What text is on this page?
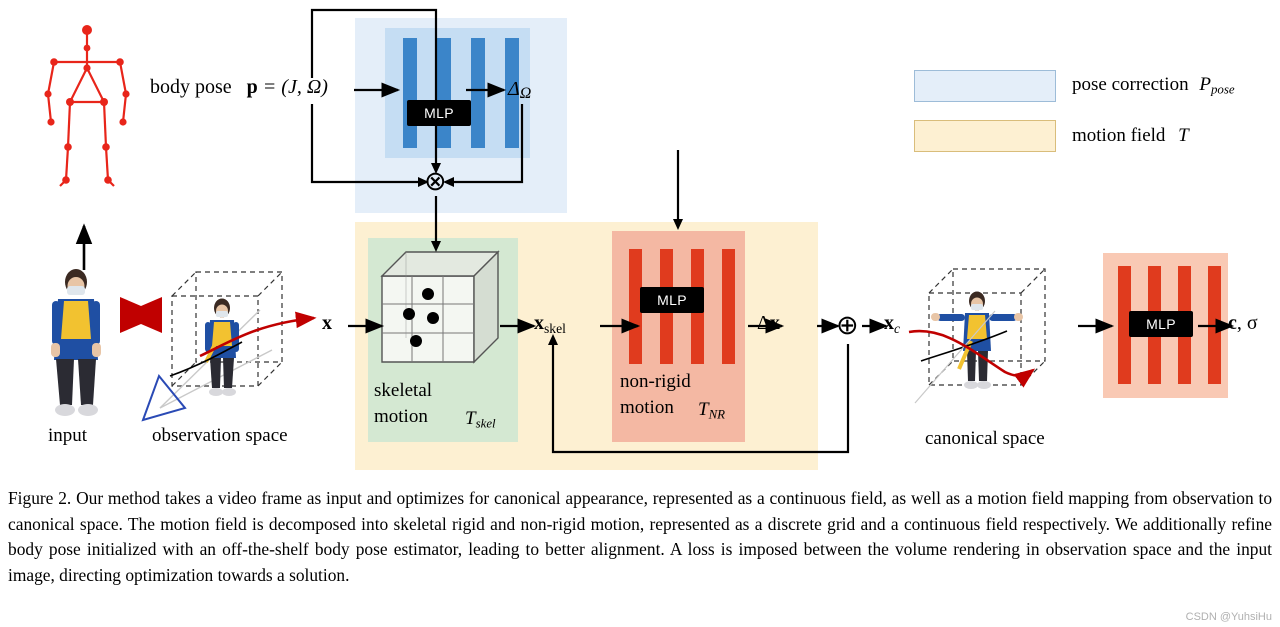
MLP
skeletal
motion $T_{skel}$
MLP
non-rigid
motion $T_{NR}$
MLP
⊗
⊕
body pose p = (J, Ω)	ΔΩ
x	$x_{skel}$	Δx	$x_c$	c, σ
input	observation space	canonical space
pose correction $P_{pose}$
motion field T
Figure 2. Our method takes a video frame as input and optimizes for canonical appearance, represented as a continuous field, as well as a motion field mapping from observation to canonical space. The motion field is decomposed into skeletal rigid and non-rigid motion, represented as a discrete grid and a continuous field respectively. We additionally refine body pose initialized with an off-the-shelf body pose estimator, leading to better alignment. A loss is imposed between the volume rendering in observation space and the input image, directing optimization towards a solution.
CSDN @YuhsiHu
